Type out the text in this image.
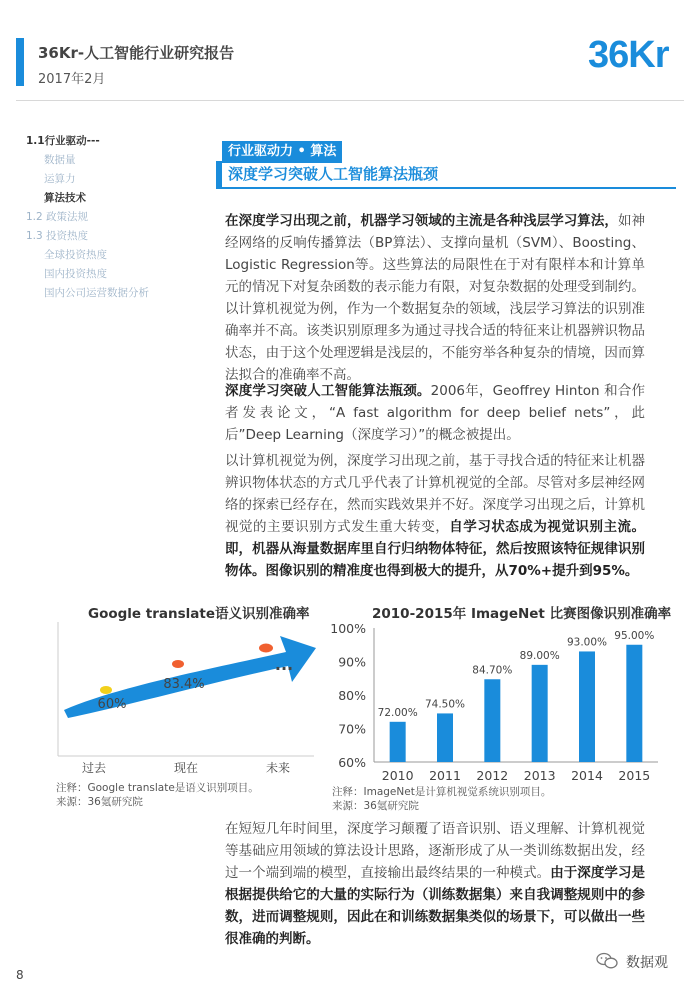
36Kr-人工智能行业研究报告
2017年2月
36Kr
1.1行业驱动---
数据量
运算力
算法技术
1.2 政策法规
1.3 投资热度
全球投资热度
国内投资热度
国内公司运营数据分析
行业驱动力 • 算法
深度学习突破人工智能算法瓶颈
在深度学习出现之前，机器学习领域的主流是各种浅层学习算法，如神经网络的反响传播算法（BP算法）、支撑向量机（SVM）、Boosting、Logistic Regression等。这些算法的局限性在于对有限样本和计算单元的情况下对复杂函数的表示能力有限，对复杂数据的处理受到制约。以计算机视觉为例，作为一个数据复杂的领域，浅层学习算法的识别准确率并不高。该类识别原理多为通过寻找合适的特征来让机器辨识物品状态，由于这个处理逻辑是浅层的，不能穷举各种复杂的情境，因而算法拟合的准确率不高。
深度学习突破人工智能算法瓶颈。2006年，Geoffrey Hinton 和合作者发表论文，“A fast algorithm for deep belief nets”，此后”Deep Learning（深度学习）”的概念被提出。
以计算机视觉为例，深度学习出现之前，基于寻找合适的特征来让机器辨识物体状态的方式几乎代表了计算机视觉的全部。尽管对多层神经网络的探索已经存在，然而实践效果并不好。深度学习出现之后，计算机视觉的主要识别方式发生重大转变，自学习状态成为视觉识别主流。即，机器从海量数据库里自行归纳物体特征，然后按照该特征规律识别物体。图像识别的精准度也得到极大的提升，从70%+提升到95%。
Google translate语义识别准确率
60%
83.4%
...
过去	现在	未来
注释：Google translate是语义识别项目。
来源：36氪研究院
2010-2015年 ImageNet 比赛图像识别准确率
60%
70%
80%
90%
100%
72.00%
2010
74.50%
2011
84.70%
2012
89.00%
2013
93.00%
2014
95.00%
2015
注释：ImageNet是计算机视觉系统识别项目。
来源：36氪研究院
在短短几年时间里，深度学习颠覆了语音识别、语义理解、计算机视觉等基础应用领域的算法设计思路，逐渐形成了从一类训练数据出发，经过一个端到端的模型，直接输出最终结果的一种模式。由于深度学习是根据提供给它的大量的实际行为（训练数据集）来自我调整规则中的参数，进而调整规则，因此在和训练数据集类似的场景下，可以做出一些很准确的判断。
8
数据观
